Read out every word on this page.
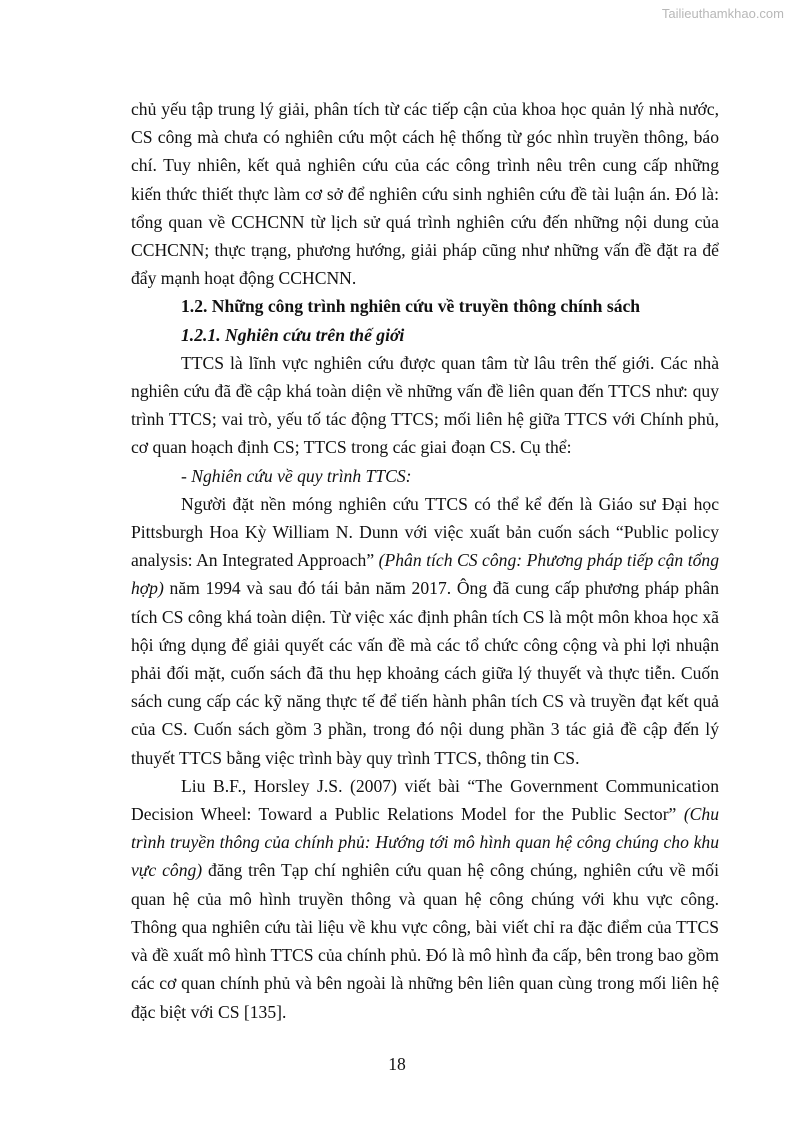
Tailieuthamkhao.com

chủ yếu tập trung lý giải, phân tích từ các tiếp cận của khoa học quản lý nhà nước, CS công mà chưa có nghiên cứu một cách hệ thống từ góc nhìn truyền thông, báo chí. Tuy nhiên, kết quả nghiên cứu của các công trình nêu trên cung cấp những kiến thức thiết thực làm cơ sở để nghiên cứu sinh nghiên cứu đề tài luận án. Đó là: tổng quan về CCHCNN từ lịch sử quá trình nghiên cứu đến những nội dung của CCHCNN; thực trạng, phương hướng, giải pháp cũng như những vấn đề đặt ra để đẩy mạnh hoạt động CCHCNN.

1.2. Những công trình nghiên cứu về truyền thông chính sách

1.2.1. Nghiên cứu trên thế giới

TTCS là lĩnh vực nghiên cứu được quan tâm từ lâu trên thế giới. Các nhà nghiên cứu đã đề cập khá toàn diện về những vấn đề liên quan đến TTCS như: quy trình TTCS; vai trò, yếu tố tác động TTCS; mối liên hệ giữa TTCS với Chính phủ, cơ quan hoạch định CS; TTCS trong các giai đoạn CS. Cụ thể:

- Nghiên cứu về quy trình TTCS:

Người đặt nền móng nghiên cứu TTCS có thể kể đến là Giáo sư Đại học Pittsburgh Hoa Kỳ William N. Dunn với việc xuất bản cuốn sách “Public policy analysis: An Integrated Approach” (Phân tích CS công: Phương pháp tiếp cận tổng hợp) năm 1994 và sau đó tái bản năm 2017. Ông đã cung cấp phương pháp phân tích CS công khá toàn diện. Từ việc xác định phân tích CS là một môn khoa học xã hội ứng dụng để giải quyết các vấn đề mà các tổ chức công cộng và phi lợi nhuận phải đối mặt, cuốn sách đã thu hẹp khoảng cách giữa lý thuyết và thực tiễn. Cuốn sách cung cấp các kỹ năng thực tế để tiến hành phân tích CS và truyền đạt kết quả của CS. Cuốn sách gồm 3 phần, trong đó nội dung phần 3 tác giả đề cập đến lý thuyết TTCS bằng việc trình bày quy trình TTCS, thông tin CS.

Liu B.F., Horsley J.S. (2007) viết bài “The Government Communication Decision Wheel: Toward a Public Relations Model for the Public Sector” (Chu trình truyền thông của chính phủ: Hướng tới mô hình quan hệ công chúng cho khu vực công) đăng trên Tạp chí nghiên cứu quan hệ công chúng, nghiên cứu về mối quan hệ của mô hình truyền thông và quan hệ công chúng với khu vực công. Thông qua nghiên cứu tài liệu về khu vực công, bài viết chỉ ra đặc điểm của TTCS và đề xuất mô hình TTCS của chính phủ. Đó là mô hình đa cấp, bên trong bao gồm các cơ quan chính phủ và bên ngoài là những bên liên quan cùng trong mối liên hệ đặc biệt với CS [135].

18
